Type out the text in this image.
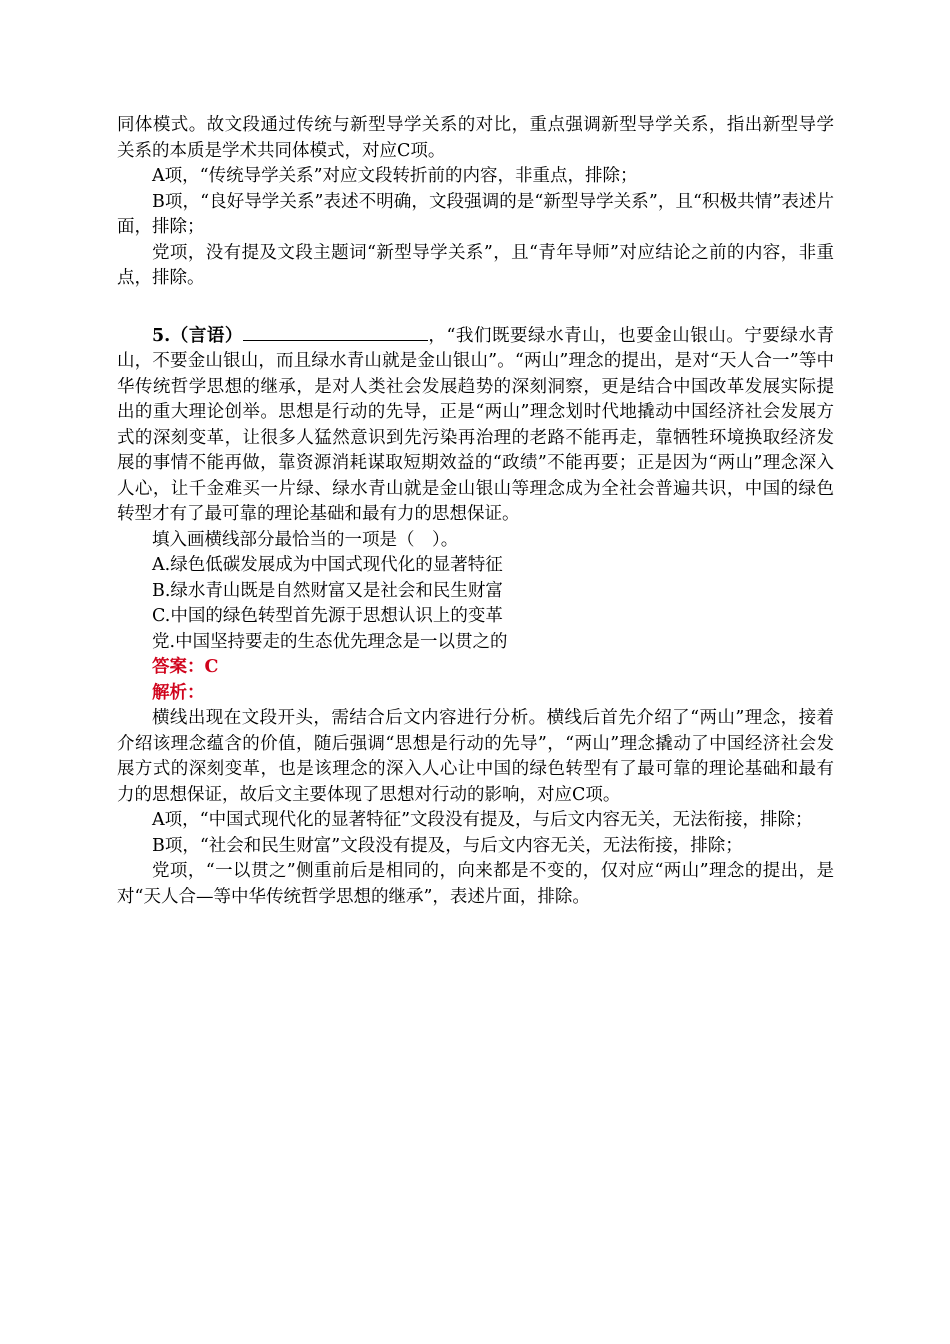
同体模式。故文段通过传统与新型导学关系的对比，重点强调新型导学关系，指出新型导学关系的本质是学术共同体模式，对应C项。

A项，“传统导学关系”对应文段转折前的内容，非重点，排除；

B项，“良好导学关系”表述不明确，文段强调的是“新型导学关系”，且“积极共情”表述片面，排除；

党项，没有提及文段主题词“新型导学关系”，且“青年导师”对应结论之前的内容，非重点，排除。

5.（言语）	，“我们既要绿水青山，也要金山银山。宁要绿水青山，不要金山银山，而且绿水青山就是金山银山”。“两山”理念的提出，是对“天人合一”等中华传统哲学思想的继承，是对人类社会发展趋势的深刻洞察，更是结合中国改革发展实际提出的重大理论创举。思想是行动的先导，正是“两山”理念划时代地撬动中国经济社会发展方式的深刻变革，让很多人猛然意识到先污染再治理的老路不能再走，靠牺牲环境换取经济发展的事情不能再做，靠资源消耗谋取短期效益的“政绩”不能再要；正是因为“两山”理念深入人心，让千金难买一片绿、绿水青山就是金山银山等理念成为全社会普遍共识，中国的绿色转型才有了最可靠的理论基础和最有力的思想保证。

填入画横线部分最恰当的一项是（　）。

A.绿色低碳发展成为中国式现代化的显著特征

B.绿水青山既是自然财富又是社会和民生财富

C.中国的绿色转型首先源于思想认识上的变革

党.中国坚持要走的生态优先理念是一以贯之的

答案：C

解析：

横线出现在文段开头，需结合后文内容进行分析。横线后首先介绍了“两山”理念，接着介绍该理念蕴含的价值，随后强调“思想是行动的先导”，“两山”理念撬动了中国经济社会发展方式的深刻变革，也是该理念的深入人心让中国的绿色转型有了最可靠的理论基础和最有力的思想保证，故后文主要体现了思想对行动的影响，对应C项。

A项，“中国式现代化的显著特征”文段没有提及，与后文内容无关，无法衔接，排除；

B项，“社会和民生财富”文段没有提及，与后文内容无关，无法衔接，排除；

党项，“一以贯之”侧重前后是相同的，向来都是不变的，仅对应“两山”理念的提出，是对“天人合—等中华传统哲学思想的继承”，表述片面，排除。
